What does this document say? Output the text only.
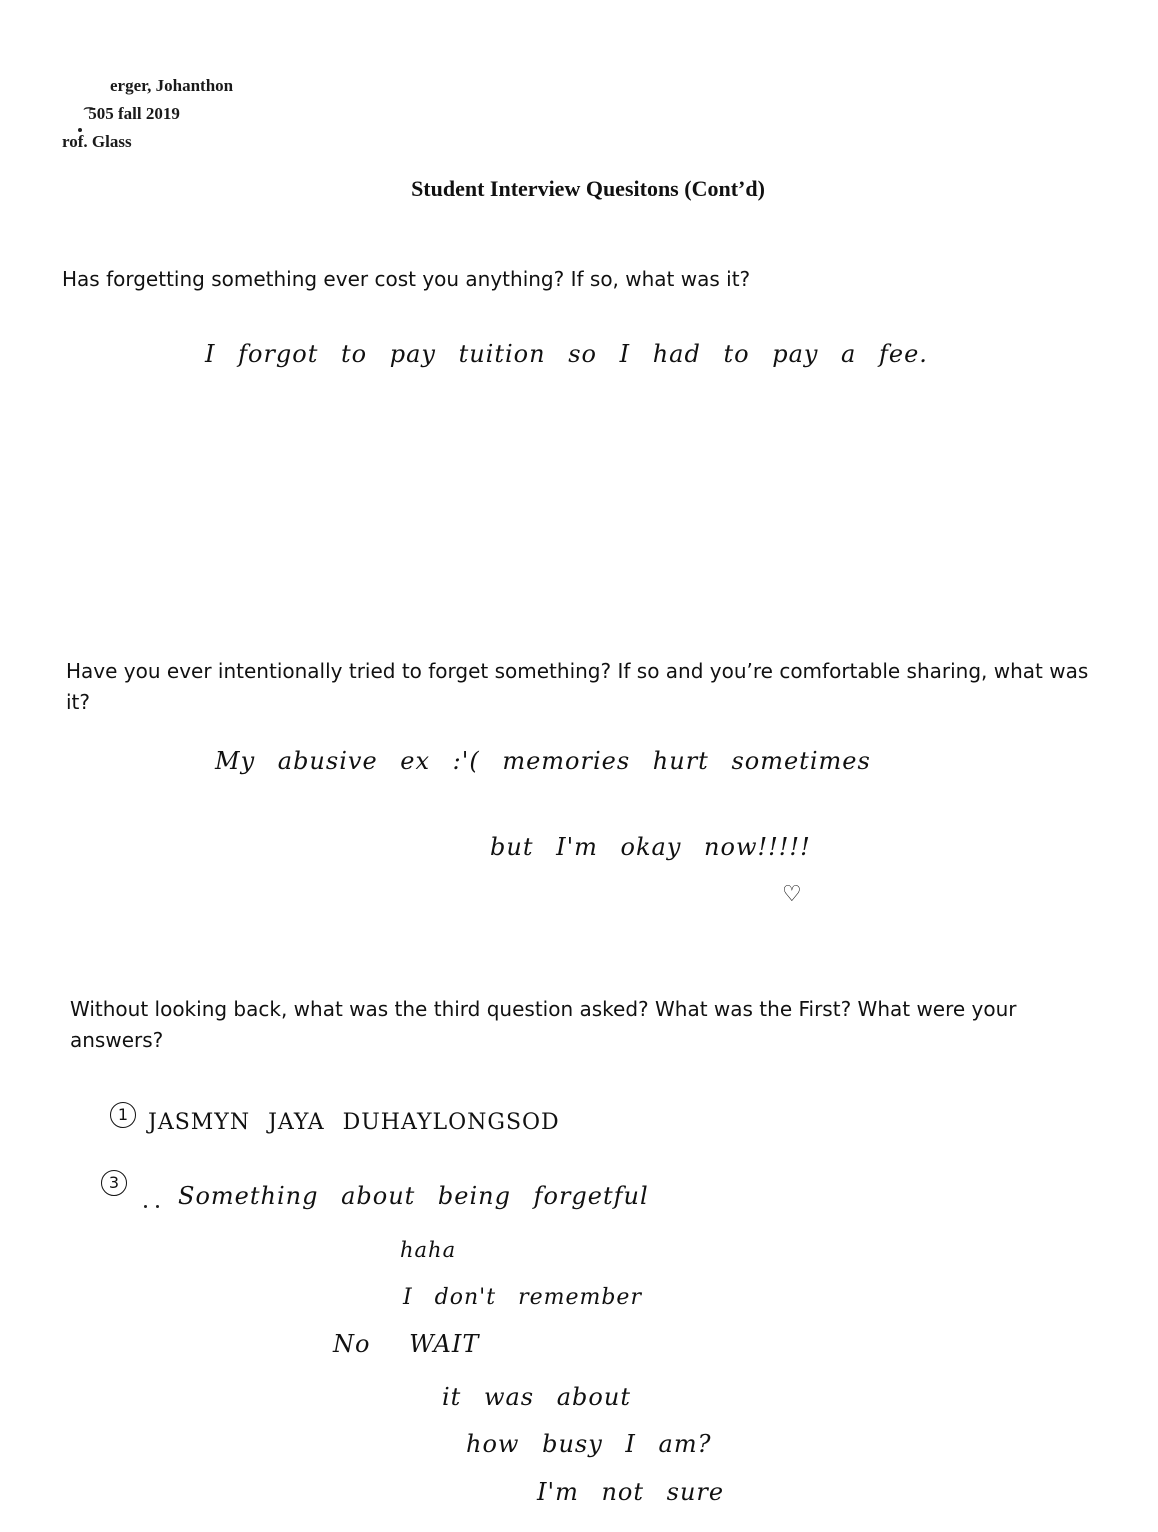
erger, Johanthon
͡ 505 fall 2019
rof. Glass
Student Interview Quesitons (Cont’d)
Has forgetting something ever cost you anything? If so, what was it?
I forgot to pay tuition so I had to pay a fee.
Have you ever intentionally tried to forget something? If so and you’re comfortable sharing, what was it?
My abusive ex :'( memories hurt sometimes
but I'm okay now!!!!!
♡
Without looking back, what was the third question asked? What was the First? What were your answers?
1 JASMYN JAYA DUHAYLONGSOD
3	Something about being forgetful
haha
I don't remember
No WAIT
it was about
how busy I am?
I'm not sure
